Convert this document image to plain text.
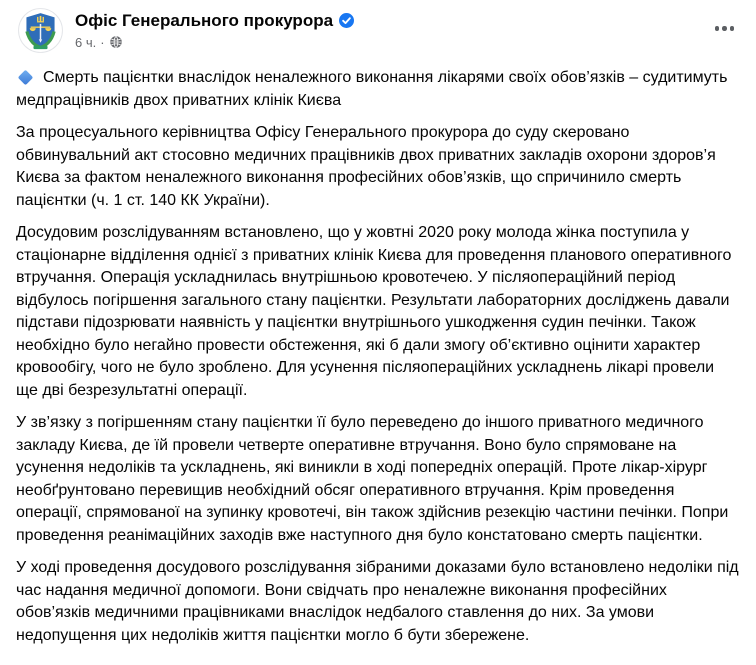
Офіс Генерального прокурора
6 ч. ·

Смерть пацієнтки внаслідок неналежного виконання лікарями своїх обов’язків – судитимуть медпрацівників двох приватних клінік Києва

За процесуального керівництва Офісу Генерального прокурора до суду скеровано обвинувальний акт стосовно медичних працівників двох приватних закладів охорони здоров’я Києва за фактом неналежного виконання професійних обов’язків, що спричинило смерть пацієнтки (ч. 1 ст. 140 КК України).

Досудовим розслідуванням встановлено, що у жовтні 2020 року молода жінка поступила у стаціонарне відділення однієї з приватних клінік Києва для проведення планового оперативного втручання. Операція ускладнилась внутрішньою кровотечею. У післяопераційний період відбулось погіршення загального стану пацієнтки. Результати лабораторних досліджень давали підстави підозрювати наявність у пацієнтки внутрішнього ушкодження судин печінки. Також необхідно було негайно провести обстеження, які б дали змогу об’єктивно оцінити характер кровообігу, чого не було зроблено. Для усунення післяопераційних ускладнень лікарі провели ще дві безрезультатні операції.

У зв’язку з погіршенням стану пацієнтки її було переведено до іншого приватного медичного закладу Києва, де їй провели четверте оперативне втручання. Воно було спрямоване на усунення недоліків та ускладнень, які виникли в ході попередніх операцій. Проте лікар-хірург необґрунтовано перевищив необхідний обсяг оперативного втручання. Крім проведення операції, спрямованої на зупинку кровотечі, він також здійснив резекцію частини печінки. Попри проведення реанімаційних заходів вже наступного дня було констатовано смерть пацієнтки.

У ході проведення досудового розслідування зібраними доказами було встановлено недоліки під час надання медичної допомоги. Вони свідчать про неналежне виконання професійних обов’язків медичними працівниками внаслідок недбалого ставлення до них. За умови недопущення цих недоліків життя пацієнтки могло б бути збережене.
